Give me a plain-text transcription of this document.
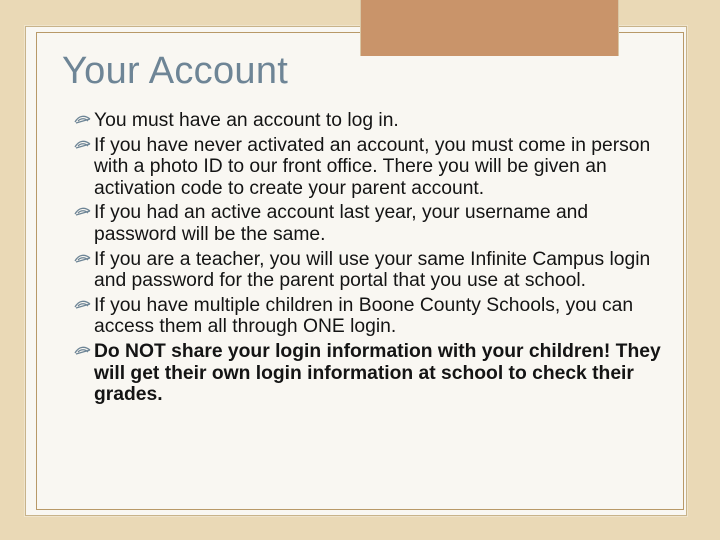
Your Account
You must have an account to log in.
If you have never activated an account, you must come in person with a photo ID to our front office. There you will be given an activation code to create your parent account.
If you had an active account last year, your username and password will be the same.
If you are a teacher, you will use your same Infinite Campus login and password for the parent portal that you use at school.
If you have multiple children in Boone County Schools, you can access them all through ONE login.
Do NOT share your login information with your children! They will get their own login information at school to check their grades.
